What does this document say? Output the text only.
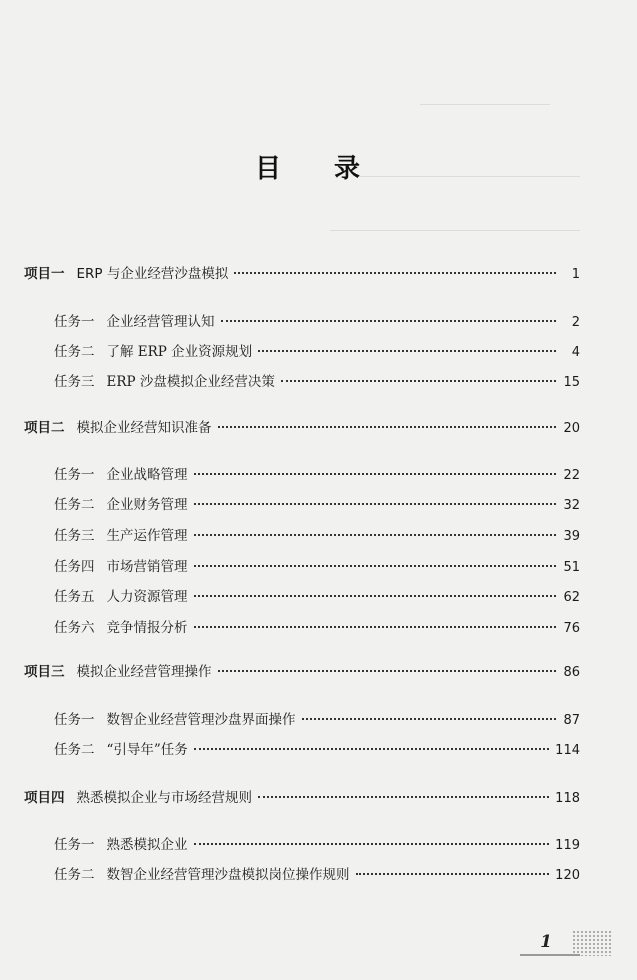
目 录
项目一 ERP 与企业经营沙盘模拟	1
任务一 企业经营管理认知	2
任务二 了解 ERP 企业资源规划	4
任务三 ERP 沙盘模拟企业经营决策	15
项目二 模拟企业经营知识准备	20
任务一 企业战略管理	22
任务二 企业财务管理	32
任务三 生产运作管理	39
任务四 市场营销管理	51
任务五 人力资源管理	62
任务六 竞争情报分析	76
项目三 模拟企业经营管理操作	86
任务一 数智企业经营管理沙盘界面操作	87
任务二 “引导年”任务	114
项目四 熟悉模拟企业与市场经营规则	118
任务一 熟悉模拟企业	119
任务二 数智企业经营管理沙盘模拟岗位操作规则	120
1
